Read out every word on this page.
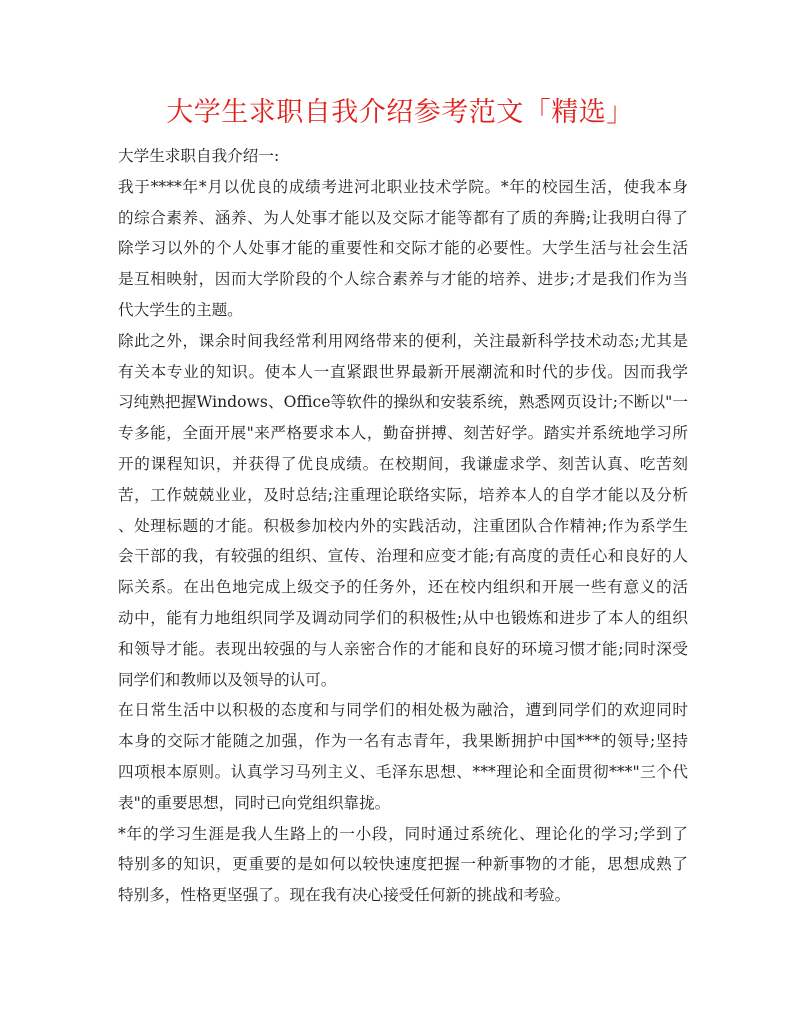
大学生求职自我介绍参考范文「精选」
大学生求职自我介绍一:
我于****年*月以优良的成绩考进河北职业技术学院。*年的校园生活，使我本身
的综合素养、涵养、为人处事才能以及交际才能等都有了质的奔腾;让我明白得了
除学习以外的个人处事才能的重要性和交际才能的必要性。大学生活与社会生活
是互相映射，因而大学阶段的个人综合素养与才能的培养、进步;才是我们作为当
代大学生的主题。
除此之外，课余时间我经常利用网络带来的便利，关注最新科学技术动态;尤其是
有关本专业的知识。使本人一直紧跟世界最新开展潮流和时代的步伐。因而我学
习纯熟把握Windows、Office等软件的操纵和安装系统，熟悉网页设计;不断以"一
专多能，全面开展"来严格要求本人，勤奋拼搏、刻苦好学。踏实并系统地学习所
开的课程知识，并获得了优良成绩。在校期间，我谦虚求学、刻苦认真、吃苦刻
苦，工作兢兢业业，及时总结;注重理论联络实际，培养本人的自学才能以及分析
、处理标题的才能。积极参加校内外的实践活动，注重团队合作精神;作为系学生
会干部的我，有较强的组织、宣传、治理和应变才能;有高度的责任心和良好的人
际关系。在出色地完成上级交予的任务外，还在校内组织和开展一些有意义的活
动中，能有力地组织同学及调动同学们的积极性;从中也锻炼和进步了本人的组织
和领导才能。表现出较强的与人亲密合作的才能和良好的环境习惯才能;同时深受
同学们和教师以及领导的认可。
在日常生活中以积极的态度和与同学们的相处极为融洽，遭到同学们的欢迎同时
本身的交际才能随之加强，作为一名有志青年，我果断拥护中国***的领导;坚持
四项根本原则。认真学习马列主义、毛泽东思想、***理论和全面贯彻***"三个代
表"的重要思想，同时已向党组织靠拢。
*年的学习生涯是我人生路上的一小段，同时通过系统化、理论化的学习;学到了
特别多的知识，更重要的是如何以较快速度把握一种新事物的才能，思想成熟了
特别多，性格更坚强了。现在我有决心接受任何新的挑战和考验。
